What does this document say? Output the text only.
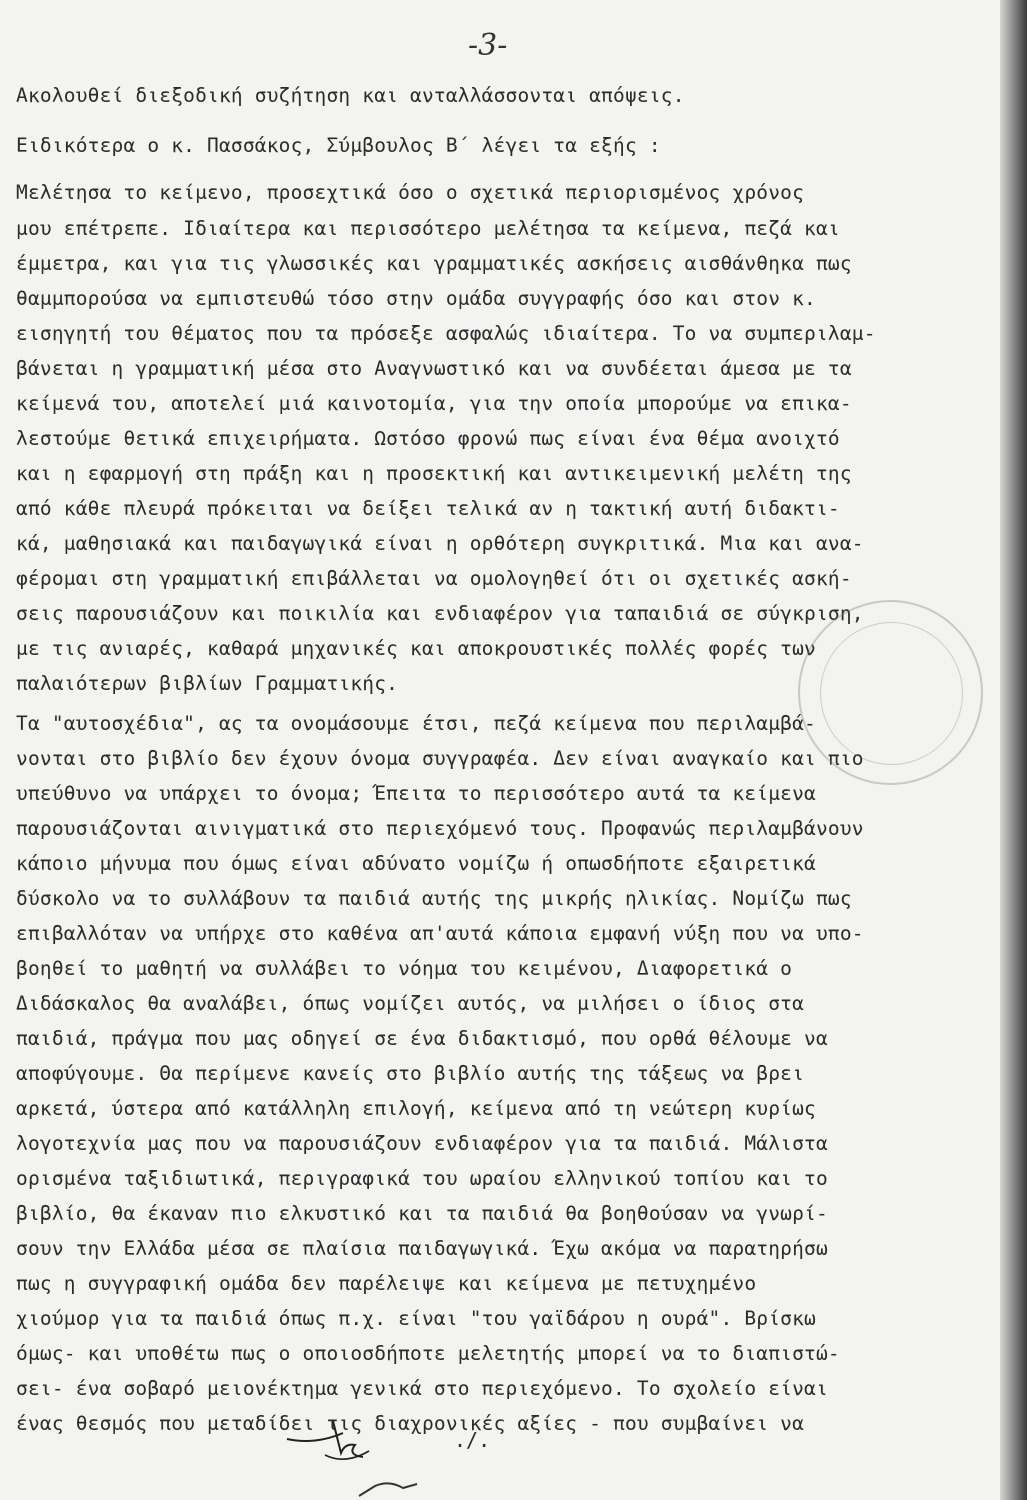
-3-
Ακολουθεί διεξοδική συζήτηση και ανταλλάσσονται απόψεις.
Ειδικότερα ο κ. Πασσάκος, Σύμβουλος Β΄ λέγει τα εξής :
Μελέτησα το κείμενο, προσεχτικά όσο ο σχετικά περιορισμένος χρόνος
μου επέτρεπε. Ιδιαίτερα και περισσότερο μελέτησα τα κείμενα, πεζά και
έμμετρα, και για τις γλωσσικές και γραμματικές ασκήσεις αισθάνθηκα πως
θαμμπορούσα να εμπιστευθώ τόσο στην ομάδα συγγραφής όσο και στον κ.
εισηγητή του θέματος που τα πρόσεξε ασφαλώς ιδιαίτερα. Το να συμπεριλαμ-
βάνεται η γραμματική μέσα στο Αναγνωστικό και να συνδέεται άμεσα με τα
κείμενά του, αποτελεί μιά καινοτομία, για την οποία μπορούμε να επικα-
λεστούμε θετικά επιχειρήματα. Ωστόσο φρονώ πως είναι ένα θέμα ανοιχτό
και η εφαρμογή στη πράξη και η προσεκτική και αντικειμενική μελέτη της
από κάθε πλευρά πρόκειται να δείξει τελικά αν η τακτική αυτή διδακτι-
κά, μαθησιακά και παιδαγωγικά είναι η ορθότερη συγκριτικά. Μια και ανα-
φέρομαι στη γραμματική επιβάλλεται να ομολογηθεί ότι οι σχετικές ασκή-
σεις παρουσιάζουν και ποικιλία και ενδιαφέρον για ταπαιδιά σε σύγκριση,
με τις ανιαρές, καθαρά μηχανικές και αποκρουστικές πολλές φορές των
παλαιότερων βιβλίων Γραμματικής.
Τα "αυτοσχέδια", ας τα ονομάσουμε έτσι, πεζά κείμενα που περιλαμβά-
νονται στο βιβλίο δεν έχουν όνομα συγγραφέα. Δεν είναι αναγκαίο και πιο
υπεύθυνο να υπάρχει το όνομα; Έπειτα το περισσότερο αυτά τα κείμενα
παρουσιάζονται αινιγματικά στο περιεχόμενό τους. Προφανώς περιλαμβάνουν
κάποιο μήνυμα που όμως είναι αδύνατο νομίζω ή οπωσδήποτε εξαιρετικά
δύσκολο να το συλλάβουν τα παιδιά αυτής της μικρής ηλικίας. Νομίζω πως
επιβαλλόταν να υπήρχε στο καθένα απ'αυτά κάποια εμφανή νύξη που να υπο-
βοηθεί το μαθητή να συλλάβει το νόημα του κειμένου, Διαφορετικά ο
Διδάσκαλος θα αναλάβει, όπως νομίζει αυτός, να μιλήσει ο ίδιος στα
παιδιά, πράγμα που μας οδηγεί σε ένα διδακτισμό, που ορθά θέλουμε να
αποφύγουμε. Θα περίμενε κανείς στο βιβλίο αυτής της τάξεως να βρει
αρκετά, ύστερα από κατάλληλη επιλογή, κείμενα από τη νεώτερη κυρίως
λογοτεχνία μας που να παρουσιάζουν ενδιαφέρον για τα παιδιά. Μάλιστα
ορισμένα ταξιδιωτικά, περιγραφικά του ωραίου ελληνικού τοπίου και το
βιβλίο, θα έκαναν πιο ελκυστικό και τα παιδιά θα βοηθούσαν να γνωρί-
σουν την Ελλάδα μέσα σε πλαίσια παιδαγωγικά. Έχω ακόμα να παρατηρήσω
πως η συγγραφική ομάδα δεν παρέλειψε και κείμενα με πετυχημένο
χιούμορ για τα παιδιά όπως π.χ. είναι "του γαϊδάρου η ουρά". Βρίσκω
όμως- και υποθέτω πως ο οποιοσδήποτε μελετητής μπορεί να το διαπιστώ-
σει- ένα σοβαρό μειονέκτημα γενικά στο περιεχόμενο. Το σχολείο είναι
ένας θεσμός που μεταδίδει τις διαχρονικές αξίες - που συμβαίνει να
./.
